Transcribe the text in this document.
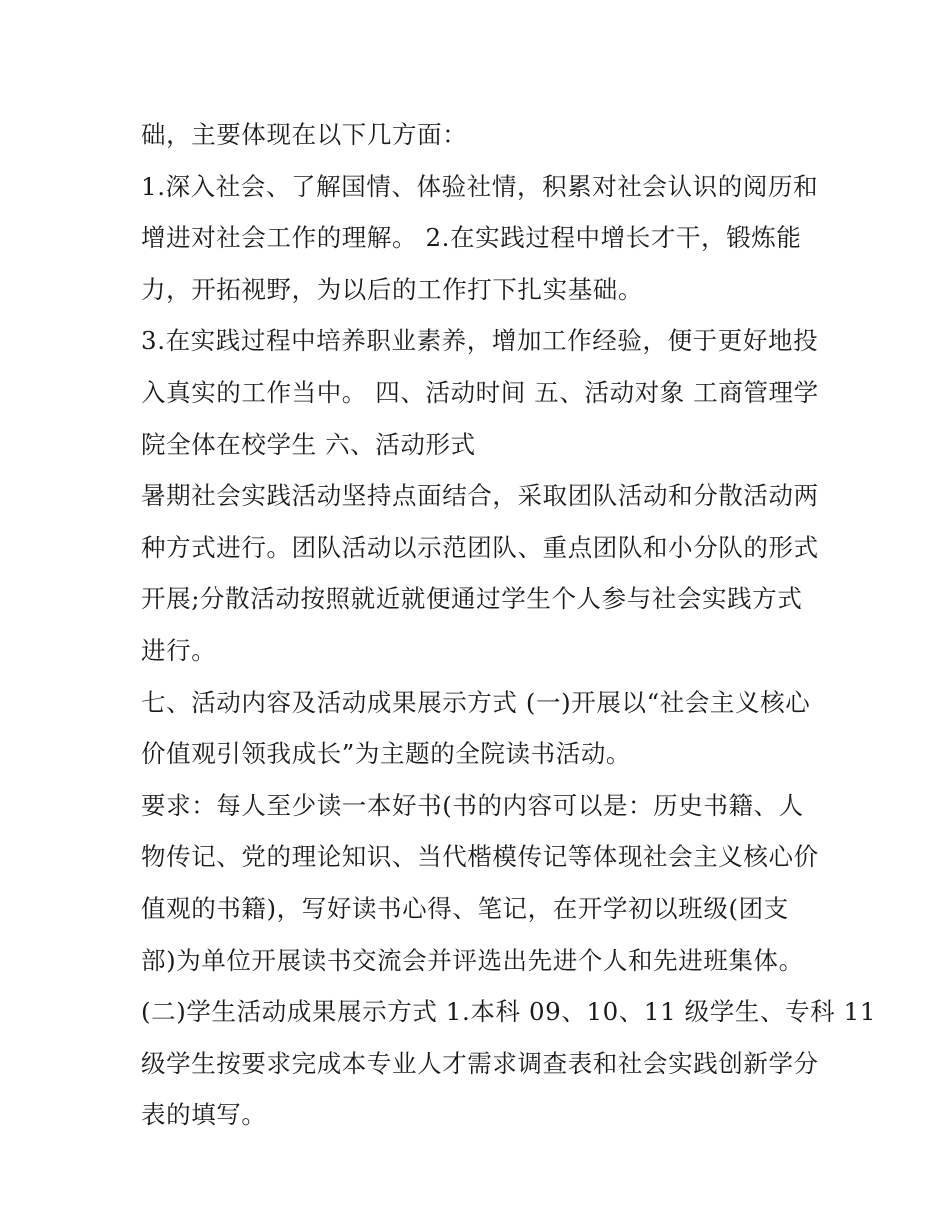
础，主要体现在以下几方面：
1.深入社会、了解国情、体验社情，积累对社会认识的阅历和
增进对社会工作的理解。 2.在实践过程中增长才干，锻炼能
力，开拓视野，为以后的工作打下扎实基础。
3.在实践过程中培养职业素养，增加工作经验，便于更好地投
入真实的工作当中。 四、活动时间 五、活动对象 工商管理学
院全体在校学生 六、活动形式
暑期社会实践活动坚持点面结合，采取团队活动和分散活动两
种方式进行。团队活动以示范团队、重点团队和小分队的形式
开展;分散活动按照就近就便通过学生个人参与社会实践方式
进行。
七、活动内容及活动成果展示方式 (一)开展以“社会主义核心
价值观引领我成长”为主题的全院读书活动。
要求：每人至少读一本好书(书的内容可以是：历史书籍、人
物传记、党的理论知识、当代楷模传记等体现社会主义核心价
值观的书籍)，写好读书心得、笔记，在开学初以班级(团支
部)为单位开展读书交流会并评选出先进个人和先进班集体。
(二)学生活动成果展示方式 1.本科 09、10、11 级学生、专科 11
级学生按要求完成本专业人才需求调查表和社会实践创新学分
表的填写。
